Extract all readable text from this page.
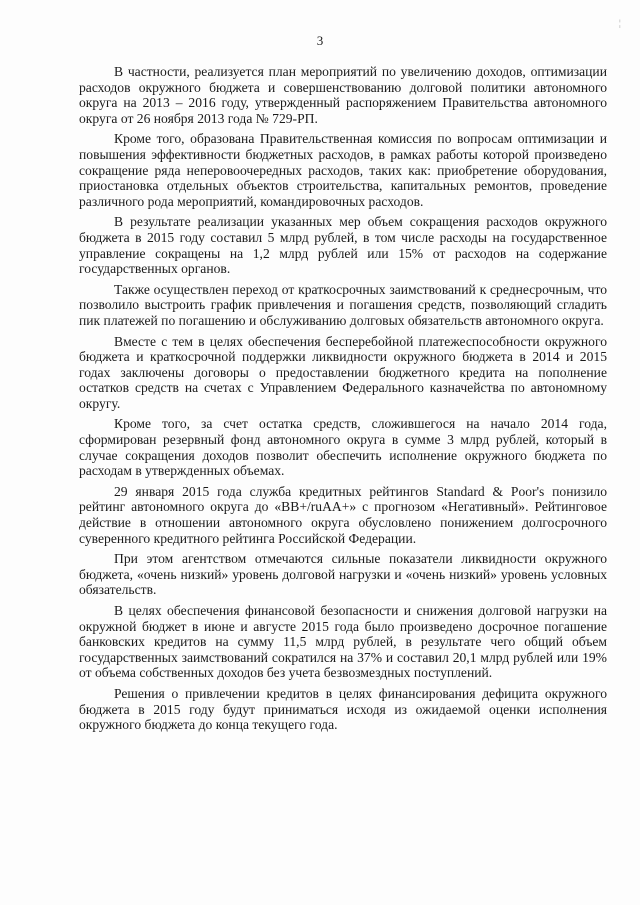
3
¦

В частности, реализуется план мероприятий по увеличению доходов, оптимизации расходов окружного бюджета и совершенствованию долговой политики автономного округа на 2013 – 2016 году, утвержденный распоряжением Правительства автономного округа от 26 ноября 2013 года № 729-РП.

Кроме того, образована Правительственная комиссия по вопросам оптимизации и повышения эффективности бюджетных расходов, в рамках работы которой произведено сокращение ряда неперовоочередных расходов, таких как: приобретение оборудования, приостановка отдельных объектов строительства, капитальных ремонтов, проведение различного рода мероприятий, командировочных расходов.

В результате реализации указанных мер объем сокращения расходов окружного бюджета в 2015 году составил 5 млрд рублей, в том числе расходы на государственное управление сокращены на 1,2 млрд рублей или 15% от расходов на содержание государственных органов.

Также осуществлен переход от краткосрочных заимствований к среднесрочным, что позволило выстроить график привлечения и погашения средств, позволяющий сгладить пик платежей по погашению и обслуживанию долговых обязательств автономного округа.

Вместе с тем в целях обеспечения бесперебойной платежеспособности окружного бюджета и краткосрочной поддержки ликвидности окружного бюджета в 2014 и 2015 годах заключены договоры о предоставлении бюджетного кредита на пополнение остатков средств на счетах с Управлением Федерального казначейства по автономному округу.

Кроме того, за счет остатка средств, сложившегося на начало 2014 года, сформирован резервный фонд автономного округа в сумме 3 млрд рублей, который в случае сокращения доходов позволит обеспечить исполнение окружного бюджета по расходам в утвержденных объемах.

29 января 2015 года служба кредитных рейтингов Standard & Poor's понизило рейтинг автономного округа до «BB+/ruAA+» с прогнозом «Негативный». Рейтинговое действие в отношении автономного округа обусловлено понижением долгосрочного суверенного кредитного рейтинга Российской Федерации.

При этом агентством отмечаются сильные показатели ликвидности окружного бюджета, «очень низкий» уровень долговой нагрузки и «очень низкий» уровень условных обязательств.

В целях обеспечения финансовой безопасности и снижения долговой нагрузки на окружной бюджет в июне и августе 2015 года было произведено досрочное погашение банковских кредитов на сумму 11,5 млрд рублей, в результате чего общий объем государственных заимствований сократился на 37% и составил 20,1 млрд рублей или 19% от объема собственных доходов без учета безвозмездных поступлений.

Решения о привлечении кредитов в целях финансирования дефицита окружного бюджета в 2015 году будут приниматься исходя из ожидаемой оценки исполнения окружного бюджета до конца текущего года.
